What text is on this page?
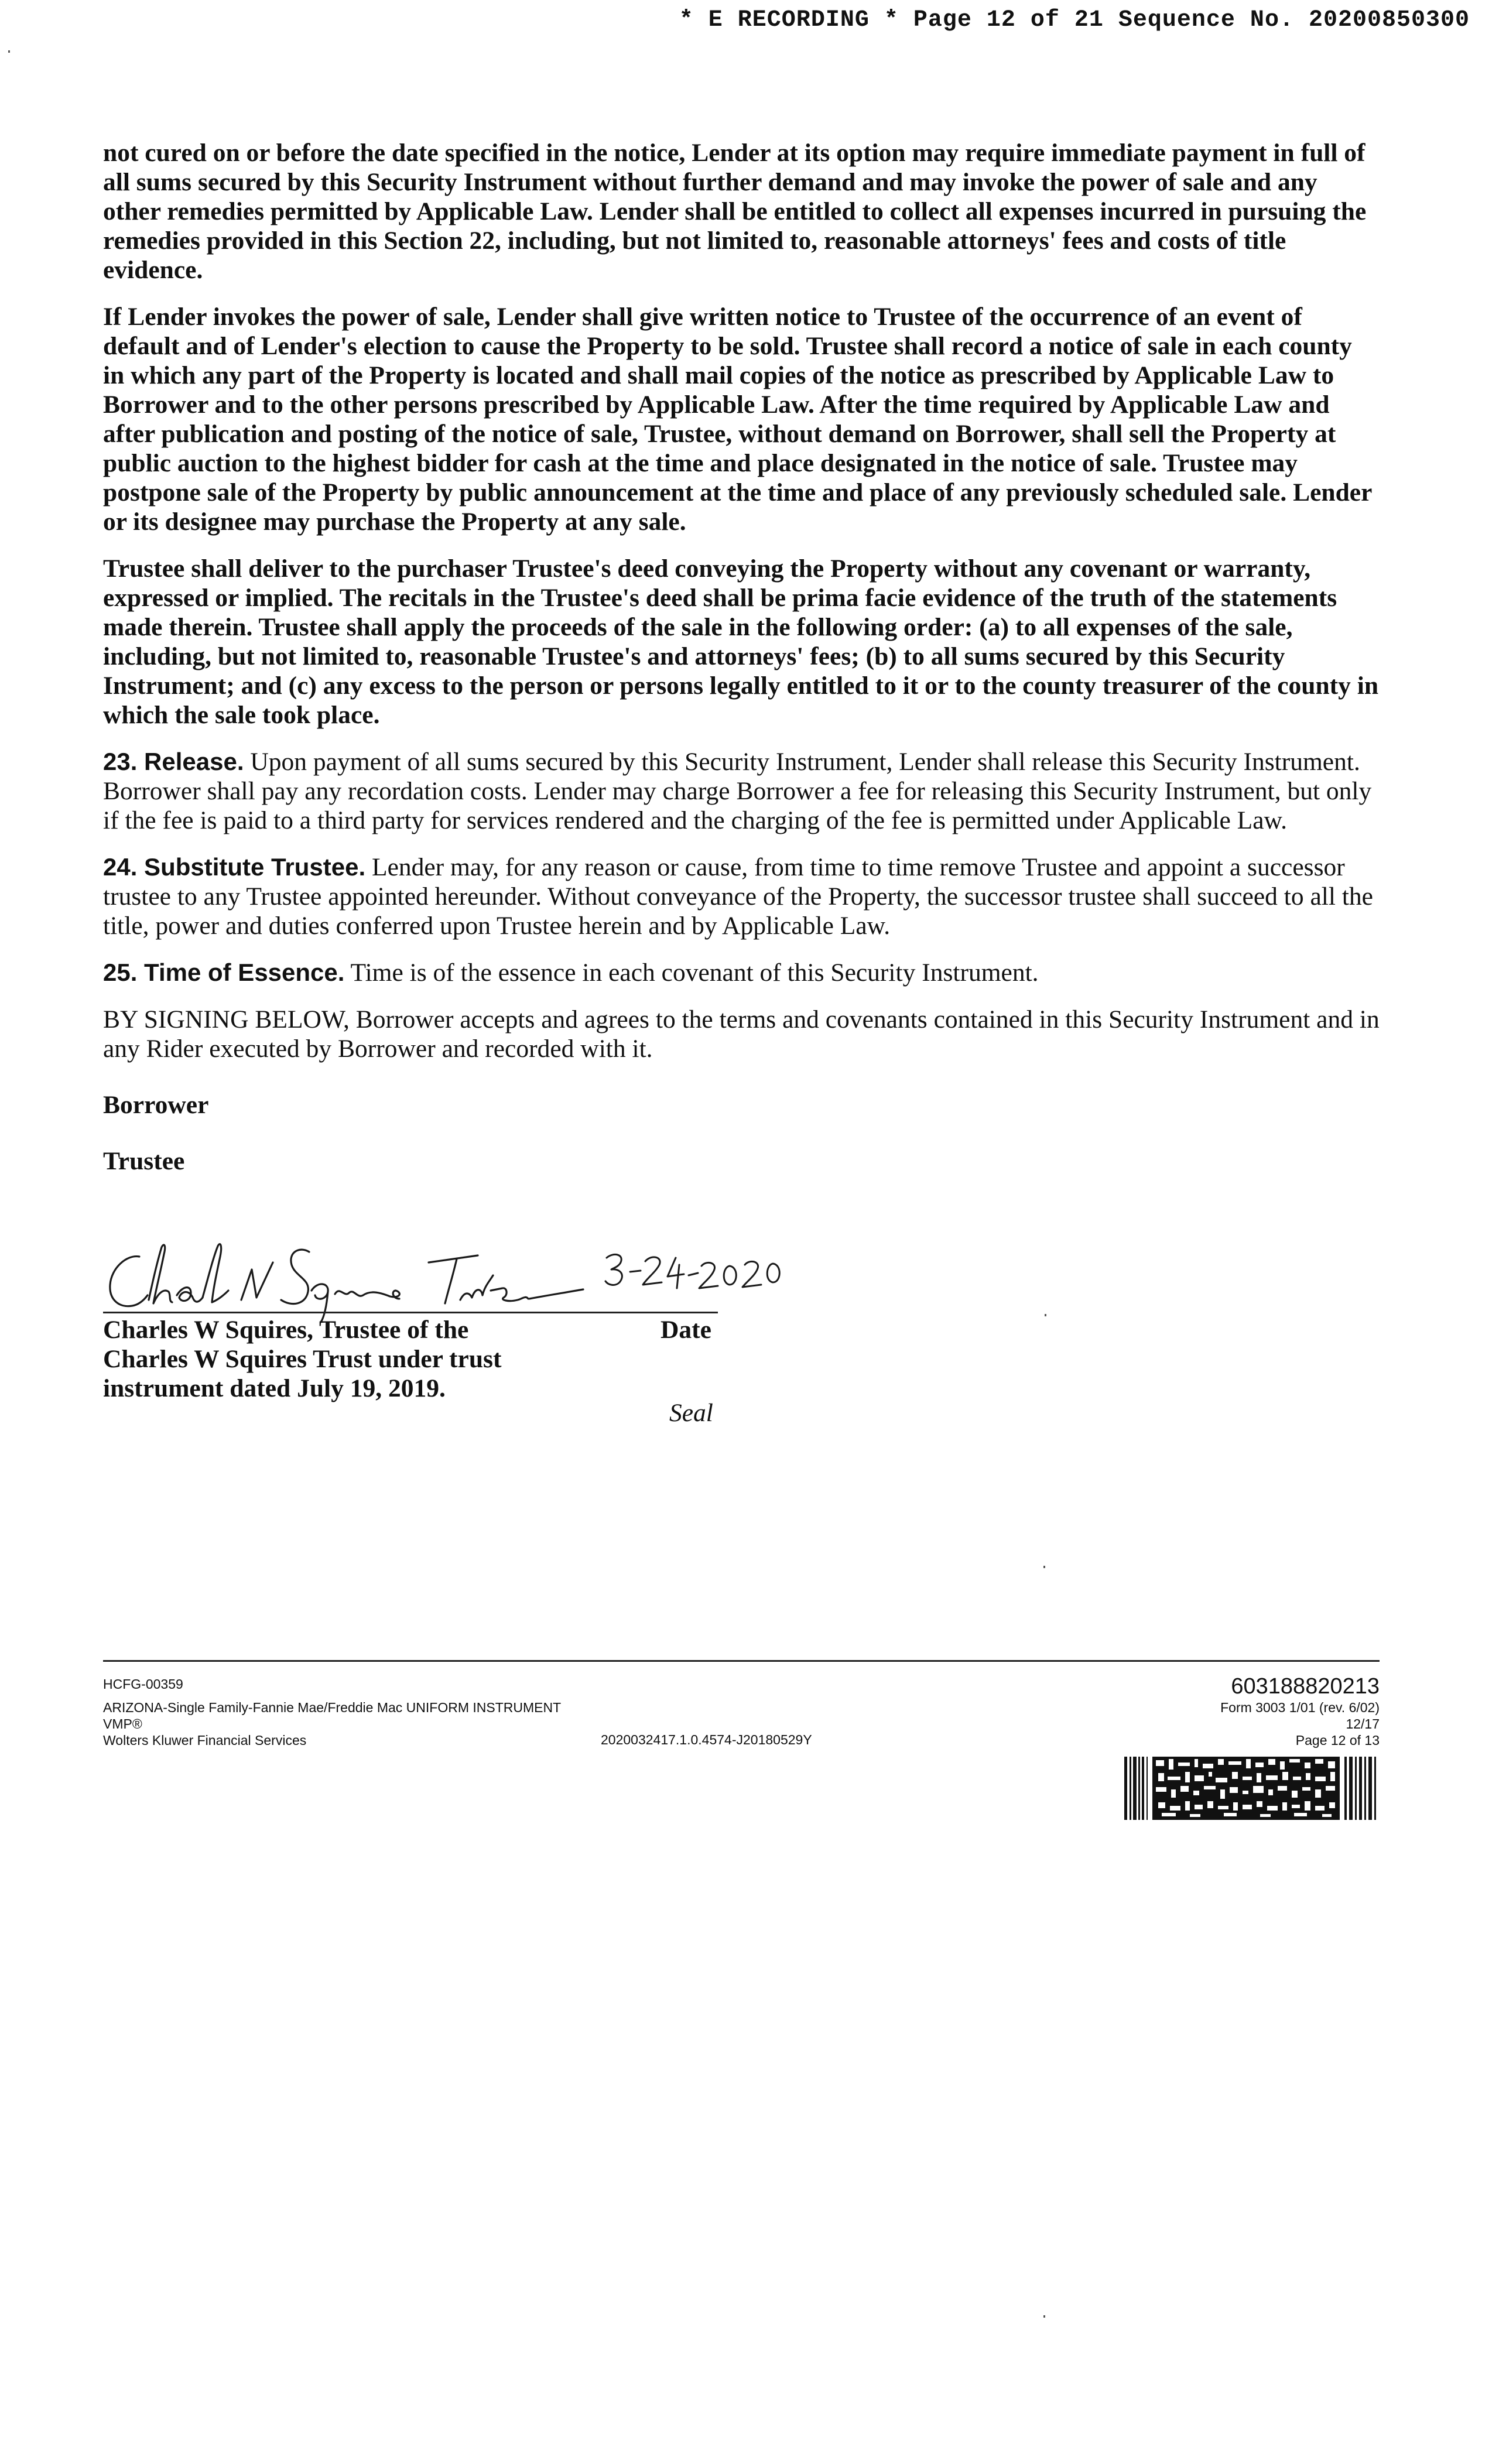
* E RECORDING * Page 12 of 21 Sequence No. 20200850300

not cured on or before the date specified in the notice, Lender at its option may require immediate payment in full of all sums secured by this Security Instrument without further demand and may invoke the power of sale and any other remedies permitted by Applicable Law. Lender shall be entitled to collect all expenses incurred in pursuing the remedies provided in this Section 22, including, but not limited to, reasonable attorneys' fees and costs of title evidence.

If Lender invokes the power of sale, Lender shall give written notice to Trustee of the occurrence of an event of default and of Lender's election to cause the Property to be sold. Trustee shall record a notice of sale in each county in which any part of the Property is located and shall mail copies of the notice as prescribed by Applicable Law to Borrower and to the other persons prescribed by Applicable Law. After the time required by Applicable Law and after publication and posting of the notice of sale, Trustee, without demand on Borrower, shall sell the Property at public auction to the highest bidder for cash at the time and place designated in the notice of sale. Trustee may postpone sale of the Property by public announcement at the time and place of any previously scheduled sale. Lender or its designee may purchase the Property at any sale.

Trustee shall deliver to the purchaser Trustee's deed conveying the Property without any covenant or warranty, expressed or implied. The recitals in the Trustee's deed shall be prima facie evidence of the truth of the statements made therein. Trustee shall apply the proceeds of the sale in the following order: (a) to all expenses of the sale, including, but not limited to, reasonable Trustee's and attorneys' fees; (b) to all sums secured by this Security Instrument; and (c) any excess to the person or persons legally entitled to it or to the county treasurer of the county in which the sale took place.

23. Release. Upon payment of all sums secured by this Security Instrument, Lender shall release this Security Instrument. Borrower shall pay any recordation costs. Lender may charge Borrower a fee for releasing this Security Instrument, but only if the fee is paid to a third party for services rendered and the charging of the fee is permitted under Applicable Law.

24. Substitute Trustee. Lender may, for any reason or cause, from time to time remove Trustee and appoint a successor trustee to any Trustee appointed hereunder. Without conveyance of the Property, the successor trustee shall succeed to all the title, power and duties conferred upon Trustee herein and by Applicable Law.

25. Time of Essence. Time is of the essence in each covenant of this Security Instrument.

BY SIGNING BELOW, Borrower accepts and agrees to the terms and covenants contained in this Security Instrument and in any Rider executed by Borrower and recorded with it.

Borrower

Trustee

Charles W Squires, Trustee of the
Charles W Squires Trust under trust
instrument dated July 19, 2019.
Date
Seal
HCFG-00359
ARIZONA-Single Family-Fannie Mae/Freddie Mac UNIFORM INSTRUMENT
VMP®
Wolters Kluwer Financial Services	2020032417.1.0.4574-J20180529Y
603188820213
Form 3003 1/01 (rev. 6/02)
12/17
Page 12 of 13
